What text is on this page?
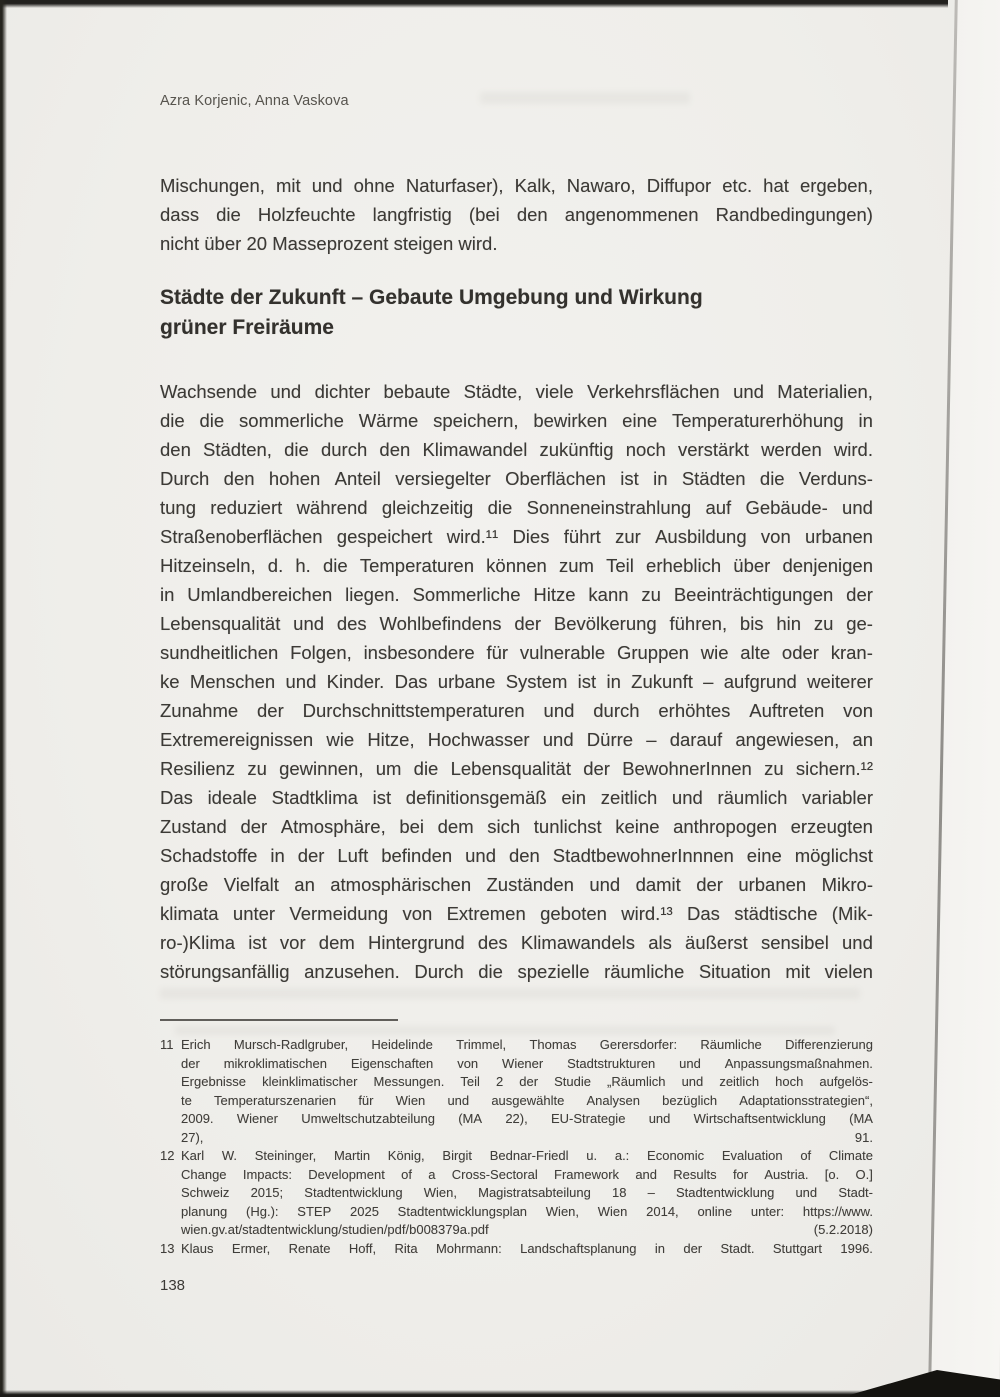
Azra Korjenic, Anna Vaskova
Mischungen, mit und ohne Naturfaser), Kalk, Nawaro, Diffupor etc. hat ergeben,
dass die Holzfeuchte langfristig (bei den angenommenen Randbedingungen)
nicht über 20 Masseprozent steigen wird.
Städte der Zukunft – Gebaute Umgebung und Wirkung
grüner Freiräume
Wachsende und dichter bebaute Städte, viele Verkehrsflächen und Materialien,
die die sommerliche Wärme speichern, bewirken eine Temperaturerhöhung in
den Städten, die durch den Klimawandel zukünftig noch verstärkt werden wird.
Durch den hohen Anteil versiegelter Oberflächen ist in Städten die Verduns-
tung reduziert während gleichzeitig die Sonneneinstrahlung auf Gebäude- und
Straßenoberflächen gespeichert wird.¹¹ Dies führt zur Ausbildung von urbanen
Hitzeinseln, d. h. die Temperaturen können zum Teil erheblich über denjenigen
in Umlandbereichen liegen. Sommerliche Hitze kann zu Beeinträchtigungen der
Lebensqualität und des Wohlbefindens der Bevölkerung führen, bis hin zu ge-
sundheitlichen Folgen, insbesondere für vulnerable Gruppen wie alte oder kran-
ke Menschen und Kinder. Das urbane System ist in Zukunft – aufgrund weiterer
Zunahme der Durchschnittstemperaturen und durch erhöhtes Auftreten von
Extremereignissen wie Hitze, Hochwasser und Dürre – darauf angewiesen, an
Resilienz zu gewinnen, um die Lebensqualität der BewohnerInnen zu sichern.¹²
Das ideale Stadtklima ist definitionsgemäß ein zeitlich und räumlich variabler
Zustand der Atmosphäre, bei dem sich tunlichst keine anthropogen erzeugten
Schadstoffe in der Luft befinden und den StadtbewohnerInnnen eine möglichst
große Vielfalt an atmosphärischen Zuständen und damit der urbanen Mikro-
klimata unter Vermeidung von Extremen geboten wird.¹³ Das städtische (Mik-
ro-)Klima ist vor dem Hintergrund des Klimawandels als äußerst sensibel und
störungsanfällig anzusehen. Durch die spezielle räumliche Situation mit vielen
11 Erich Mursch-Radlgruber, Heidelinde Trimmel, Thomas Gerersdorfer: Räumliche Differenzierung
der mikroklimatischen Eigenschaften von Wiener Stadtstrukturen und Anpassungsmaßnahmen.
Ergebnisse kleinklimatischer Messungen. Teil 2 der Studie „Räumlich und zeitlich hoch aufgelös-
te Temperaturszenarien für Wien und ausgewählte Analysen bezüglich Adaptationsstrategien“,
2009. Wiener Umweltschutzabteilung (MA 22), EU-Strategie und Wirtschaftsentwicklung (MA
27),	91.
12 Karl W. Steininger, Martin König, Birgit Bednar-Friedl u. a.: Economic Evaluation of Climate
Change Impacts: Development of a Cross-Sectoral Framework and Results for Austria. [o. O.]
Schweiz 2015; Stadtentwicklung Wien, Magistratsabteilung 18 – Stadtentwicklung und Stadt-
planung (Hg.): STEP 2025 Stadtentwicklungsplan Wien, Wien 2014, online unter: https://www.
wien.gv.at/stadtentwicklung/studien/pdf/b008379a.pdf	(5.2.2018)
13 Klaus Ermer, Renate Hoff, Rita Mohrmann: Landschaftsplanung in der Stadt. Stuttgart 1996.
138
